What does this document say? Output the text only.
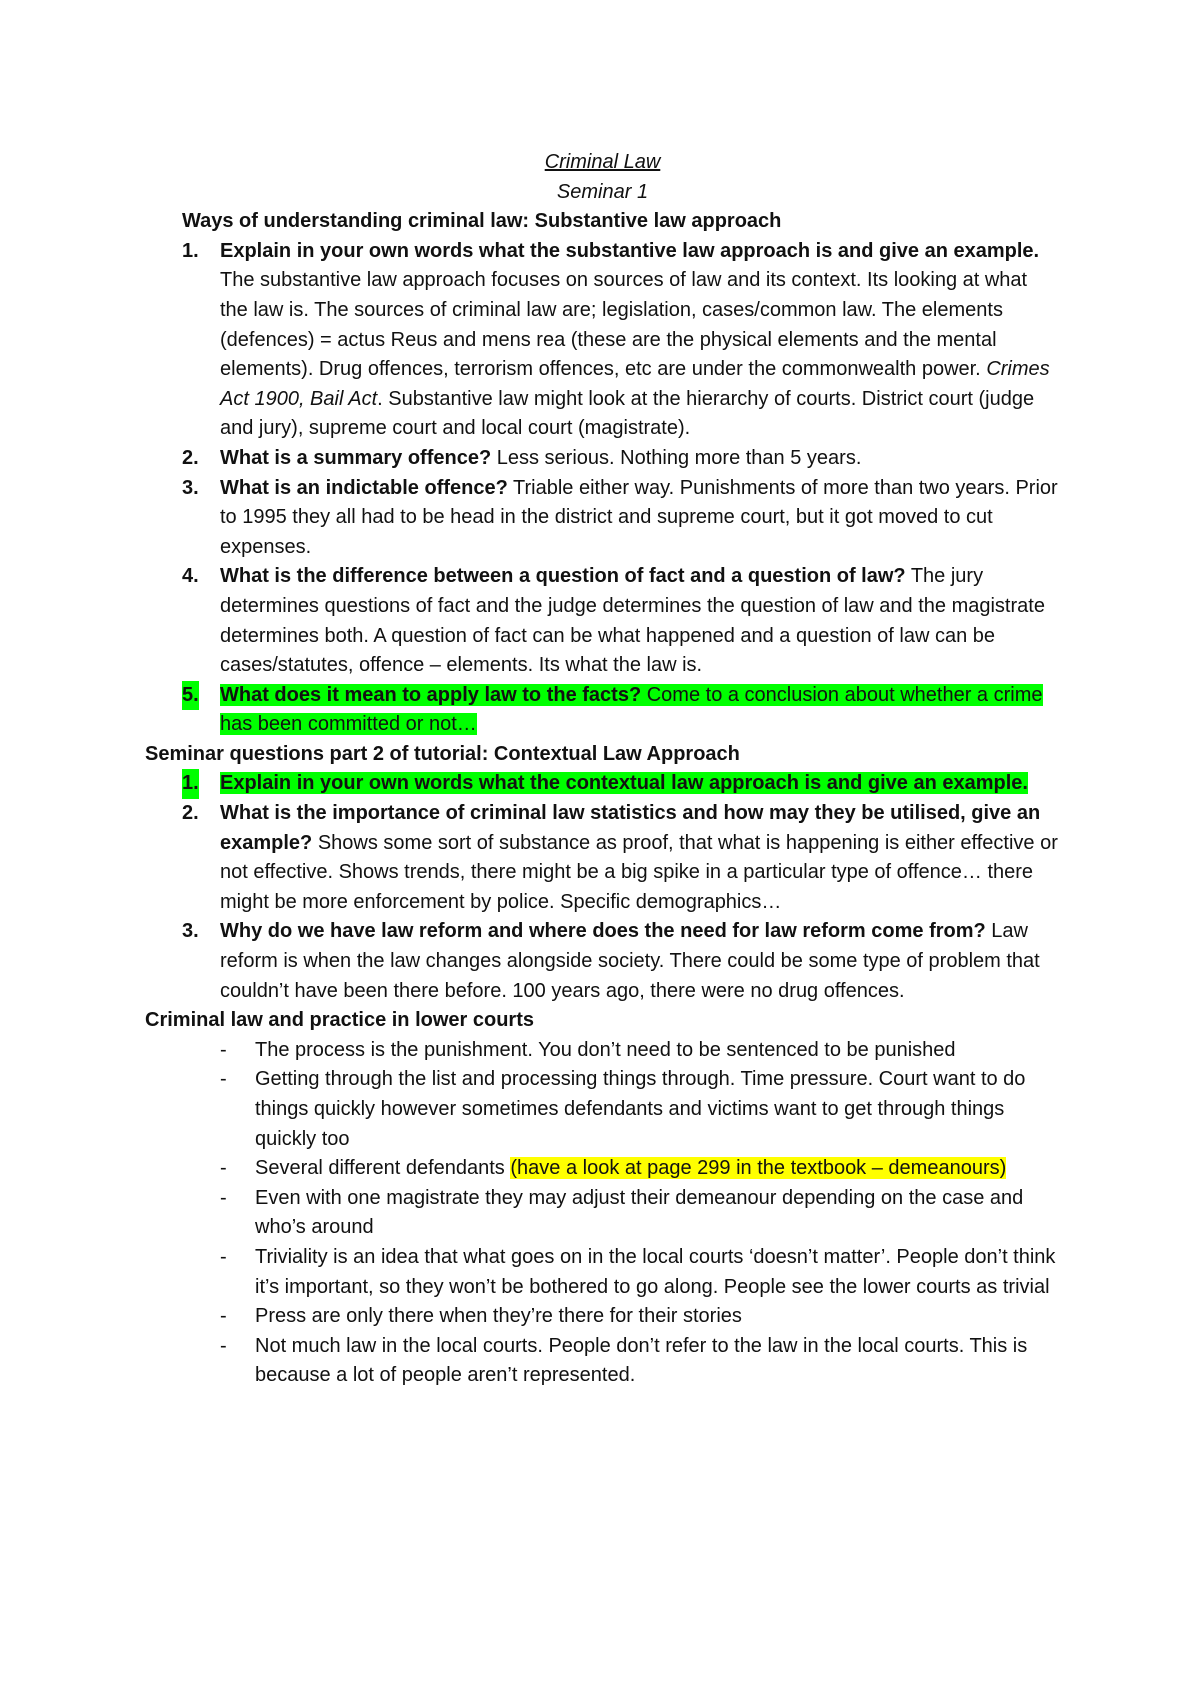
Criminal Law

Seminar 1

Ways of understanding criminal law: Substantive law approach

1. Explain in your own words what the substantive law approach is and give an example. The substantive law approach focuses on sources of law and its context. Its looking at what the law is. The sources of criminal law are; legislation, cases/common law. The elements (defences) = actus Reus and mens rea (these are the physical elements and the mental elements). Drug offences, terrorism offences, etc are under the commonwealth power. Crimes Act 1900, Bail Act. Substantive law might look at the hierarchy of courts. District court (judge and jury), supreme court and local court (magistrate).
2. What is a summary offence? Less serious. Nothing more than 5 years.
3. What is an indictable offence? Triable either way. Punishments of more than two years. Prior to 1995 they all had to be head in the district and supreme court, but it got moved to cut expenses.
4. What is the difference between a question of fact and a question of law? The jury determines questions of fact and the judge determines the question of law and the magistrate determines both. A question of fact can be what happened and a question of law can be cases/statutes, offence – elements. Its what the law is.
5. What does it mean to apply law to the facts? Come to a conclusion about whether a crime has been committed or not…

Seminar questions part 2 of tutorial: Contextual Law Approach

1. Explain in your own words what the contextual law approach is and give an example.
2. What is the importance of criminal law statistics and how may they be utilised, give an example? Shows some sort of substance as proof, that what is happening is either effective or not effective. Shows trends, there might be a big spike in a particular type of offence… there might be more enforcement by police. Specific demographics…
3. Why do we have law reform and where does the need for law reform come from? Law reform is when the law changes alongside society. There could be some type of problem that couldn’t have been there before. 100 years ago, there were no drug offences.

Criminal law and practice in lower courts

- The process is the punishment. You don’t need to be sentenced to be punished
- Getting through the list and processing things through. Time pressure. Court want to do things quickly however sometimes defendants and victims want to get through things quickly too
- Several different defendants (have a look at page 299 in the textbook – demeanours)
- Even with one magistrate they may adjust their demeanour depending on the case and who’s around
- Triviality is an idea that what goes on in the local courts ‘doesn’t matter’. People don’t think it’s important, so they won’t be bothered to go along. People see the lower courts as trivial
- Press are only there when they’re there for their stories
- Not much law in the local courts. People don’t refer to the law in the local courts. This is because a lot of people aren’t represented.
